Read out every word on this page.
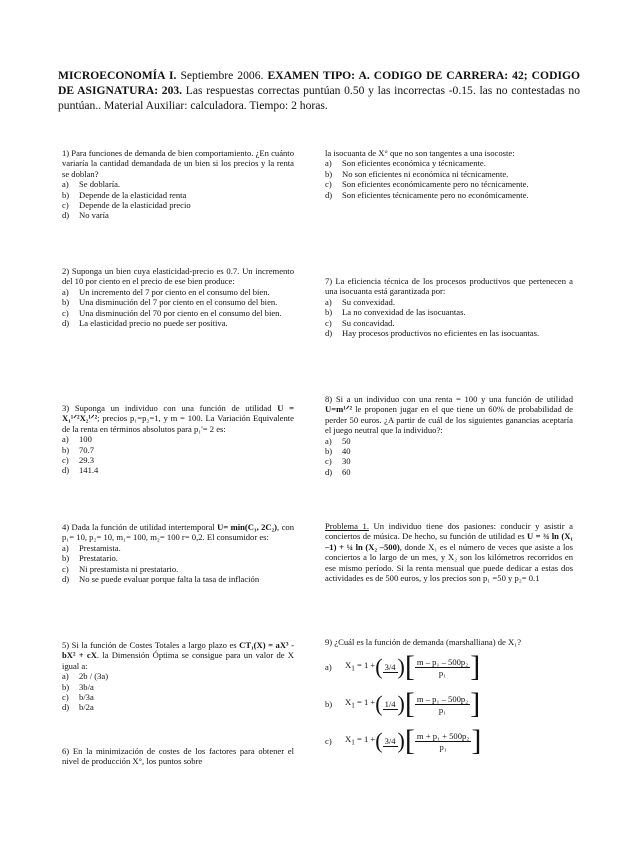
MICROECONOMÍA I. Septiembre 2006. EXAMEN TIPO: A. CODIGO DE CARRERA: 42; CODIGO DE ASIGNATURA: 203. Las respuestas correctas puntúan 0.50 y las incorrectas -0.15. las no contestadas no puntúan.. Material Auxiliar: calculadora. Tiempo: 2 horas.

1) Para funciones de demanda de bien comportamiento. ¿En cuánto variaría la cantidad demandada de un bien si los precios y la renta se doblan?

a) Se doblaría.
b) Depende de la elasticidad renta
c) Depende de la elasticidad precio
d) No varía

2) Suponga un bien cuya elasticidad-precio es 0.7. Un incremento del 10 por ciento en el precio de ese bien produce:

a) Un incremento del 7 por ciento en el consumo del bien.
b) Una disminución del 7 por ciento en el consumo del bien.
c) Una disminución del 70 por ciento en el consumo del bien.
d) La elasticidad precio no puede ser positiva.

3) Suponga un individuo con una función de utilidad U = X₁¹ᐟ²X₂¹ᐟ²; precios p₁=p₂=1, y m = 100. La Variación Equivalente de la renta en términos absolutos para p₁'= 2 es:

a) 100
b) 70.7
c) 29.3
d) 141.4

4) Dada la función de utilidad intertemporal U= min(C₁, 2C₂), con p₁= 10, p₂= 10, m₁= 100, m₂= 100 r= 0,2. El consumidor es:

a) Prestamista.
b) Prestatario.
c) Ni prestamista ni prestatario.
d) No se puede evaluar porque falta la tasa de inflación

5) Si la función de Costes Totales a largo plazo es CT₁(X) = aX³ - bX² + cX. la Dimensión Óptima se consigue para un valor de X igual a:

a) 2b / (3a)
b) 3b/a
c) b/3a
d) b/2a

6) En la minimización de costes de los factores para obtener el nivel de producción X°, los puntos sobre

la isocuanta de X° que no son tangentes a una isocoste:

a) Son eficientes económica y técnicamente.
b) No son eficientes ni económica ni técnicamente.
c) Son eficientes económicamente pero no técnicamente.
d) Son eficientes técnicamente pero no económicamente.

7) La eficiencia técnica de los procesos productivos que pertenecen a una isocuanta está garantizada por:

a) Su convexidad.
b) La no convexidad de las isocuantas.
c) Su concavidad.
d) Hay procesos productivos no eficientes en las isocuantas.

8) Si a un individuo con una renta = 100 y una función de utilidad U=m¹ᐟ² le proponen jugar en el que tiene un 60% de probabilidad de perder 50 euros. ¿A partir de cuál de los siguientes ganancias aceptaría el juego neutral que la individuo?:

a) 50
b) 40
c) 30
d) 60

Problema 1. Un individuo tiene dos pasiones: conducir y asistir a conciertos de música. De hecho, su función de utilidad es U = ¾ ln (X₁ –1) + ¼ ln (X₂ –500), donde X₁ es el número de veces que asiste a los conciertos a lo largo de un mes, y X₂ son los kilómetros recorridos en ese mismo período. Si la renta mensual que puede dedicar a estas dos actividades es de 500 euros, y los precios son p₁ =50 y p₂= 0.1

9) ¿Cuál es la función de demanda (marshalliana) de X₁?

a)	$X_1 = 1$ + ( 3/4 ) [ $\frac{\text{m – p₁ – 500p₂}}{\text{p₁}}$ ]
b)	$X_1 = 1$ + ( 1/4 ) [ $\frac{\text{m – p₁ – 500p₂}}{\text{p₁}}$ ]
c)	$X_1 = 1$ + ( 3/4 ) [ $\frac{\text{m + p₁ + 500p₂}}{\text{p₁}}$ ]
